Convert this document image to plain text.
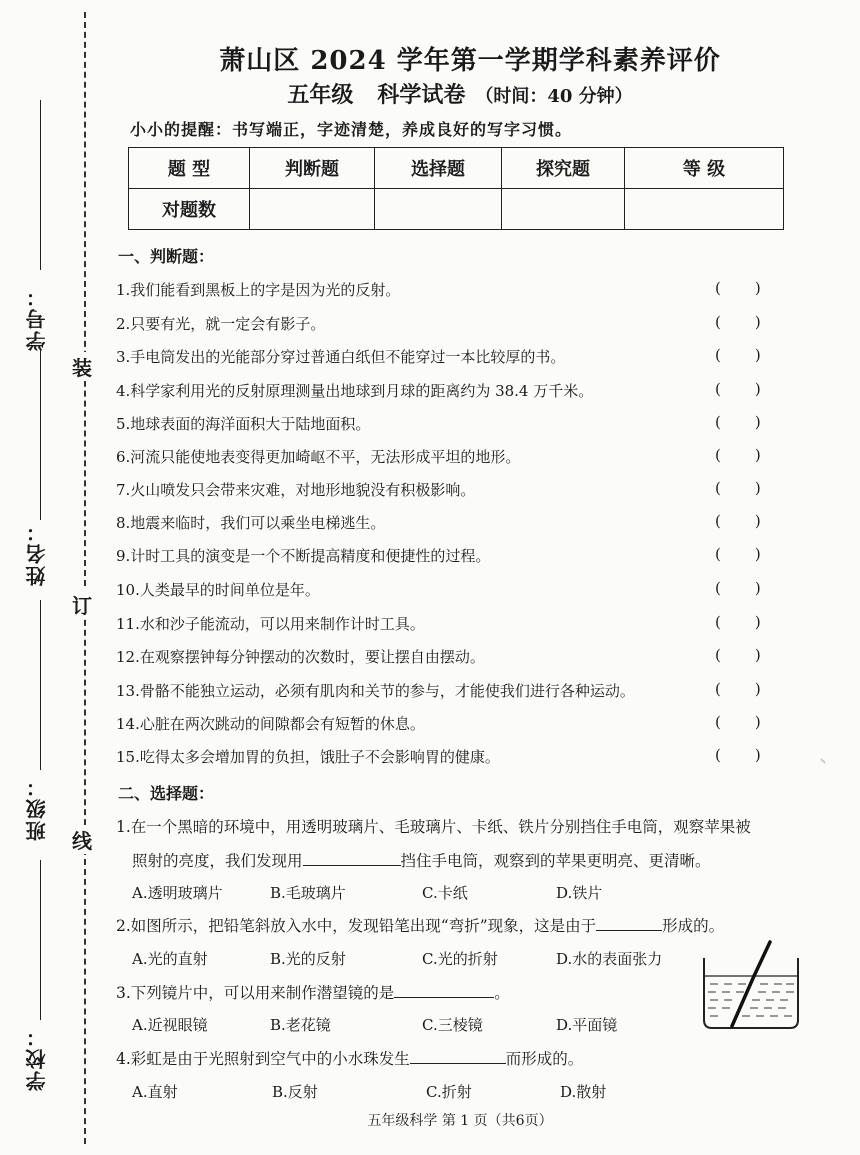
学号：
姓名：
班级：
学校：
装
订
线
萧山区 2024 学年第一学期学科素养评价
五年级 科学试卷 （时间：40 分钟）
小小的提醒：书写端正，字迹清楚，养成良好的写字习惯。
题 型	判断题	选择题	探究题	等 级
对题数				
一、判断题：
1.我们能看到黑板上的字是因为光的反射。
2.只要有光，就一定会有影子。
3.手电筒发出的光能部分穿过普通白纸但不能穿过一本比较厚的书。
4.科学家利用光的反射原理测量出地球到月球的距离约为 38.4 万千米。
5.地球表面的海洋面积大于陆地面积。
6.河流只能使地表变得更加崎岖不平，无法形成平坦的地形。
7.火山喷发只会带来灾难，对地形地貌没有积极影响。
8.地震来临时，我们可以乘坐电梯逃生。
9.计时工具的演变是一个不断提高精度和便捷性的过程。
10.人类最早的时间单位是年。
11.水和沙子能流动，可以用来制作计时工具。
12.在观察摆钟每分钟摆动的次数时，要让摆自由摆动。
13.骨骼不能独立运动，必须有肌肉和关节的参与，才能使我们进行各种运动。
14.心脏在两次跳动的间隙都会有短暂的休息。
15.吃得太多会增加胃的负担，饿肚子不会影响胃的健康。
( )
( )
( )
( )
( )
( )
( )
( )
( )
( )
( )
( )
( )
( )
( )
二、选择题：
1.在一个黑暗的环境中，用透明玻璃片、毛玻璃片、卡纸、铁片分别挡住手电筒，观察苹果被
照射的亮度，我们发现用	挡住手电筒，观察到的苹果更明亮、更清晰。
A.透明玻璃片	B.毛玻璃片	C.卡纸	D.铁片
2.如图所示，把铅笔斜放入水中，发现铅笔出现“弯折”现象，这是由于	形成的。
A.光的直射	B.光的反射	C.光的折射	D.水的表面张力
3.下列镜片中，可以用来制作潜望镜的是	。
A.近视眼镜	B.老花镜	C.三棱镜	D.平面镜
4.彩虹是由于光照射到空气中的小水珠发生	而形成的。
A.直射	B.反射	C.折射	D.散射
五年级科学 第 1 页（共6页）
